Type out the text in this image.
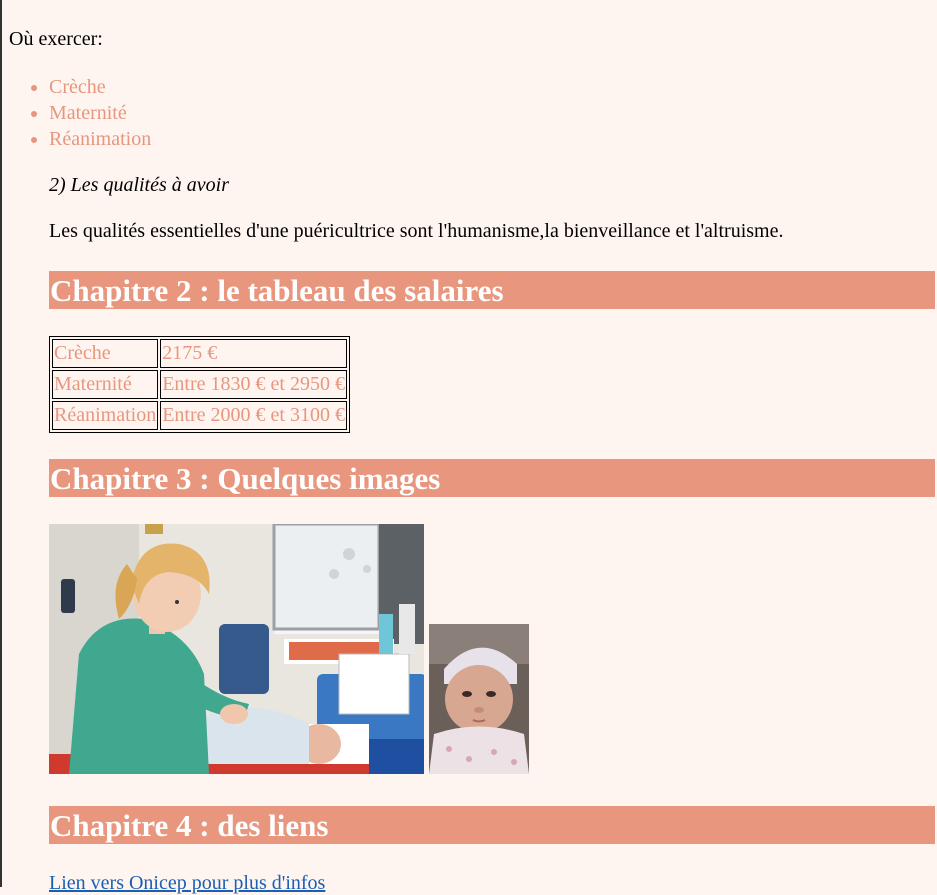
Où exercer:

• Crèche
• Maternité
• Réanimation

2) Les qualités à avoir

Les qualités essentielles d'une puéricultrice sont l'humanisme,la bienveillance et l'altruisme.

Chapitre 2 : le tableau des salaires
Crèche	2175 €
Maternité	Entre 1830 € et 2950 €
Réanimation	Entre 2000 € et 3100 €
Chapitre 3 : Quelques images
Chapitre 4 : des liens
Lien vers Onicep pour plus d'infos
